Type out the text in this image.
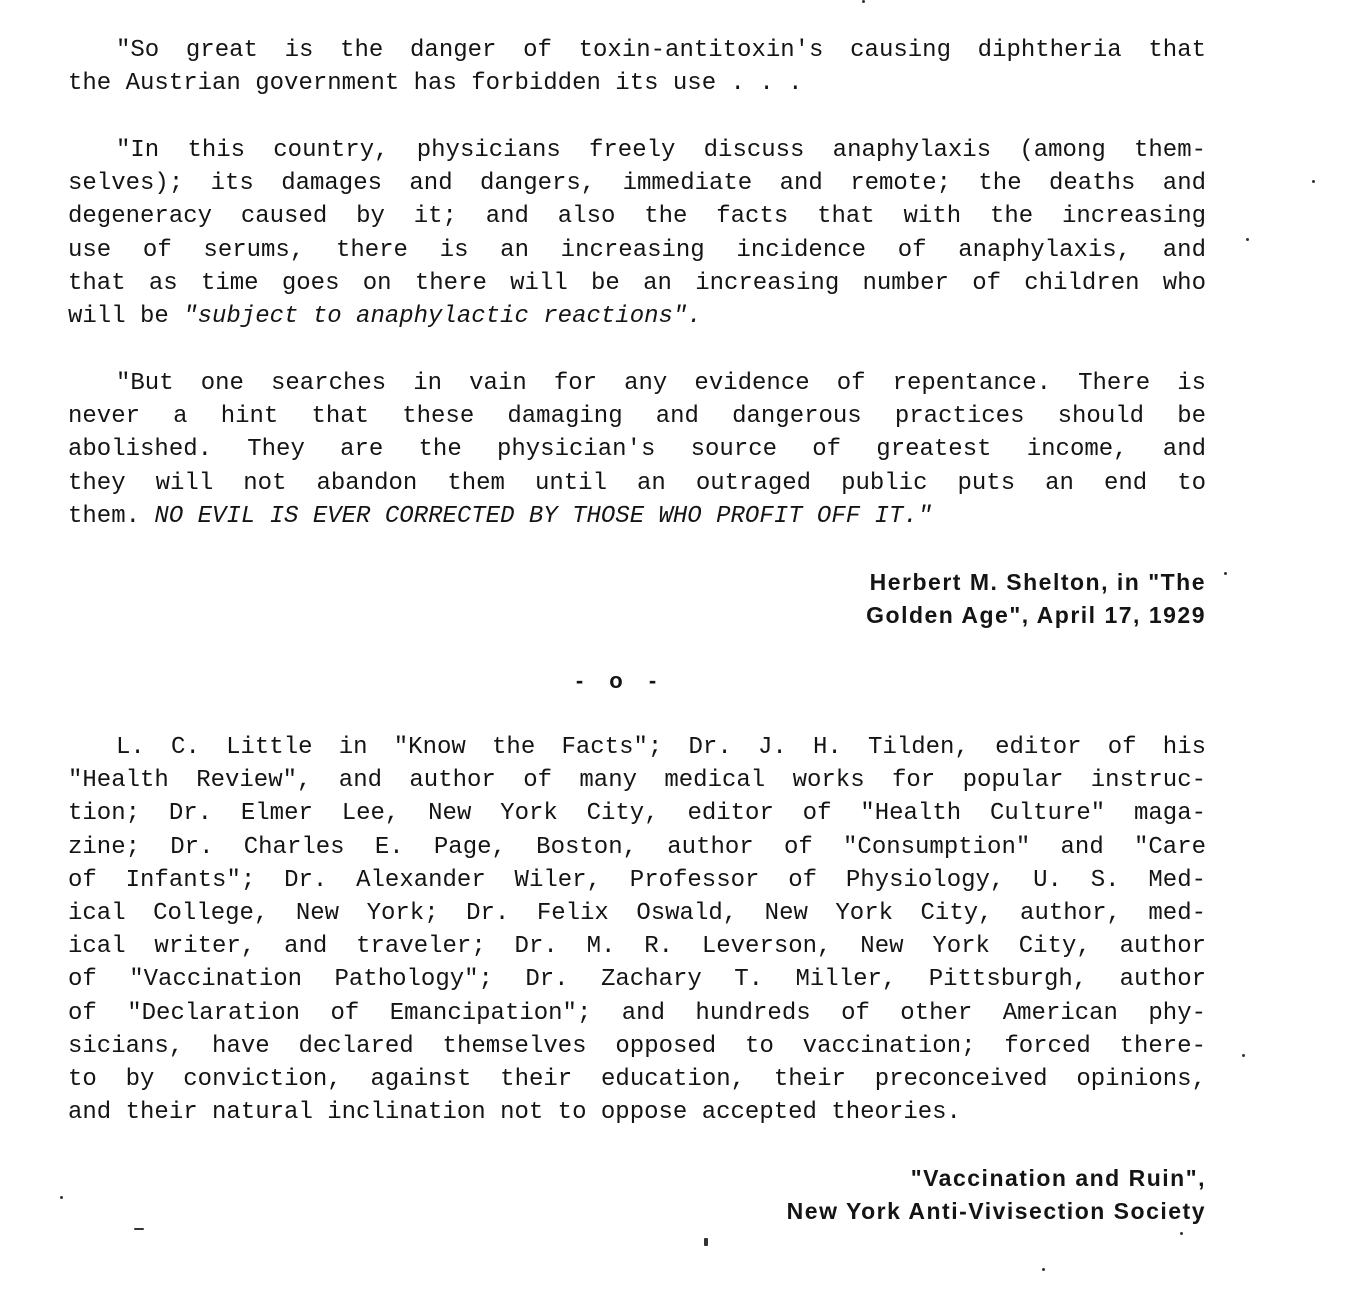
"So great is the danger of toxin-antitoxin's causing diphtheria that
the Austrian government has forbidden its use . . .

"In this country, physicians freely discuss anaphylaxis (among them-
selves); its damages and dangers, immediate and remote; the deaths and
degeneracy caused by it; and also the facts that with the increasing
use of serums, there is an increasing incidence of anaphylaxis, and
that as time goes on there will be an increasing number of children who
will be "subject to anaphylactic reactions".

"But one searches in vain for any evidence of repentance. There is
never a hint that these damaging and dangerous practices should be
abolished. They are the physician's source of greatest income, and
they will not abandon them until an outraged public puts an end to
them. NO EVIL IS EVER CORRECTED BY THOSE WHO PROFIT OFF IT."

Herbert M. Shelton, in "The
Golden Age", April 17, 1929
- o -

L. C. Little in "Know the Facts"; Dr. J. H. Tilden, editor of his
"Health Review", and author of many medical works for popular instruc-
tion; Dr. Elmer Lee, New York City, editor of "Health Culture" maga-
zine; Dr. Charles E. Page, Boston, author of "Consumption" and "Care
of Infants"; Dr. Alexander Wiler, Professor of Physiology, U. S. Med-
ical College, New York; Dr. Felix Oswald, New York City, author, med-
ical writer, and traveler; Dr. M. R. Leverson, New York City, author
of "Vaccination Pathology"; Dr. Zachary T. Miller, Pittsburgh, author
of "Declaration of Emancipation"; and hundreds of other American phy-
sicians, have declared themselves opposed to vaccination; forced there-
to by conviction, against their education, their preconceived opinions,
and their natural inclination not to oppose accepted theories.

"Vaccination and Ruin",
New York Anti-Vivisection Society
